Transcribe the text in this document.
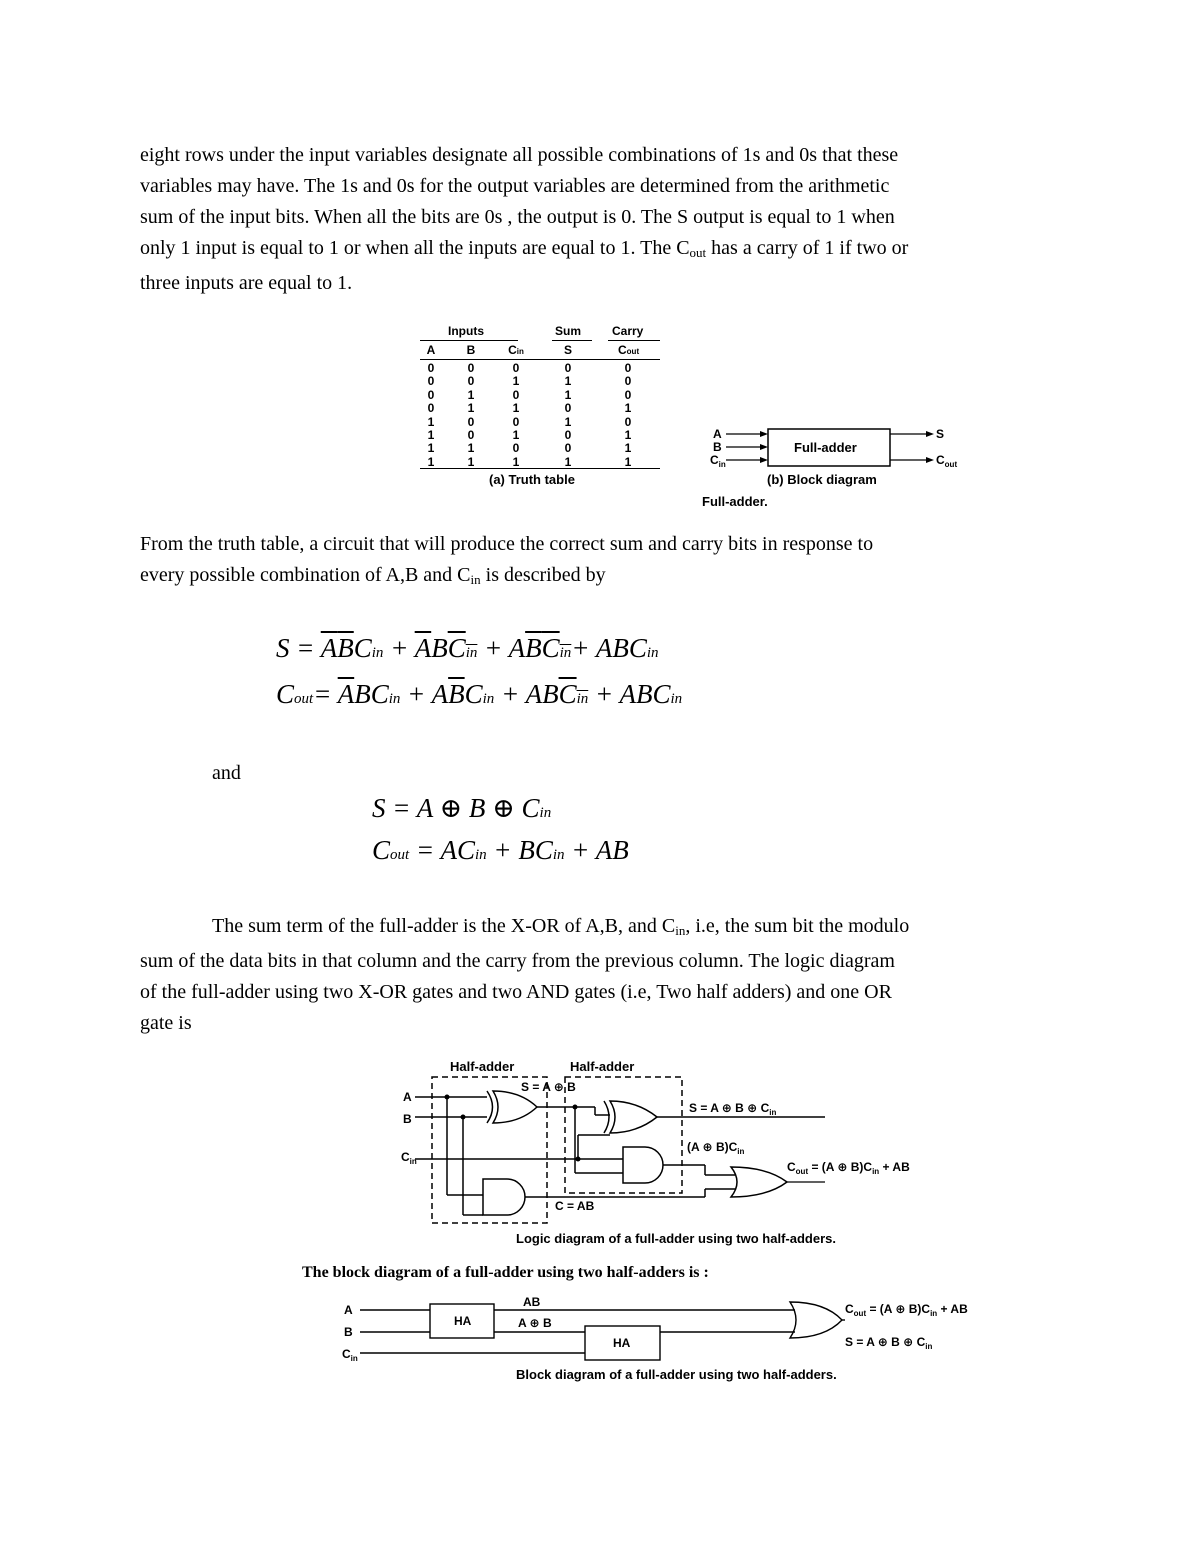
eight rows under the input variables designate all possible combinations of 1s and 0s that these
variables may have. The 1s and 0s for the output variables are determined from the arithmetic
sum of the input bits. When all the bits are 0s , the output is 0. The S output is equal to 1 when
only 1 input is equal to 1 or when all the inputs are equal to 1. The $C_{out}$ has a carry of 1 if two or
three inputs are equal to 1.
Inputs	Sum	Carry
A	B	Cin	S	Cout
0	0	0	0	0
0	0	1	1	0
0	1	0	1	0
0	1	1	0	1
1	0	0	1	0
1	0	1	0	1
1	1	0	0	1
1	1	1	1	1
(a) Truth table
A
B
$C_{in}$
Full-adder
S
$C_{out}$
(b) Block diagram
Full-adder.
From the truth table, a circuit that will produce the correct sum and carry bits in response to
every possible combination of A,B and $C_{in}$ is described by
$S = \overline{A}\overline{B}Cin + \overline{A}B\overline{C}\overline{in} + A\overline{B}\overline{C}\overline{in}+$ ABCin
Cout= $\overline{A}BCin + A\overline{B}Cin + AB\overline{C}\overline{in}$ + ABCin
and
S = A ⊕ B ⊕ Cin
Cout = ACin + BCin + AB
The sum term of the full-adder is the X-OR of A,B, and $C_{in}$, i.e, the sum bit the modulo
sum of the data bits in that column and the carry from the previous column. The logic diagram
of the full-adder using two X-OR gates and two AND gates (i.e, Two half adders) and one OR
gate is
Half-adder	Half-adder
A
B
$C_{in}$
S = A ⊕ B
S = A ⊕ B ⊕ $C_{in}$
(A ⊕ $B)C_{in}$
$C_{out} = (A$ ⊕ $B)C_{in}$ + AB
C = AB
Logic diagram of a full-adder using two half-adders.
The block diagram of a full-adder using two half-adders is :
A
B
$C_{in}$
HA
HA
AB
A ⊕ B
$C_{out} = (A$ ⊕ $B)C_{in}$ + AB
S = A ⊕ B ⊕ $C_{in}$
Block diagram of a full-adder using two half-adders.
